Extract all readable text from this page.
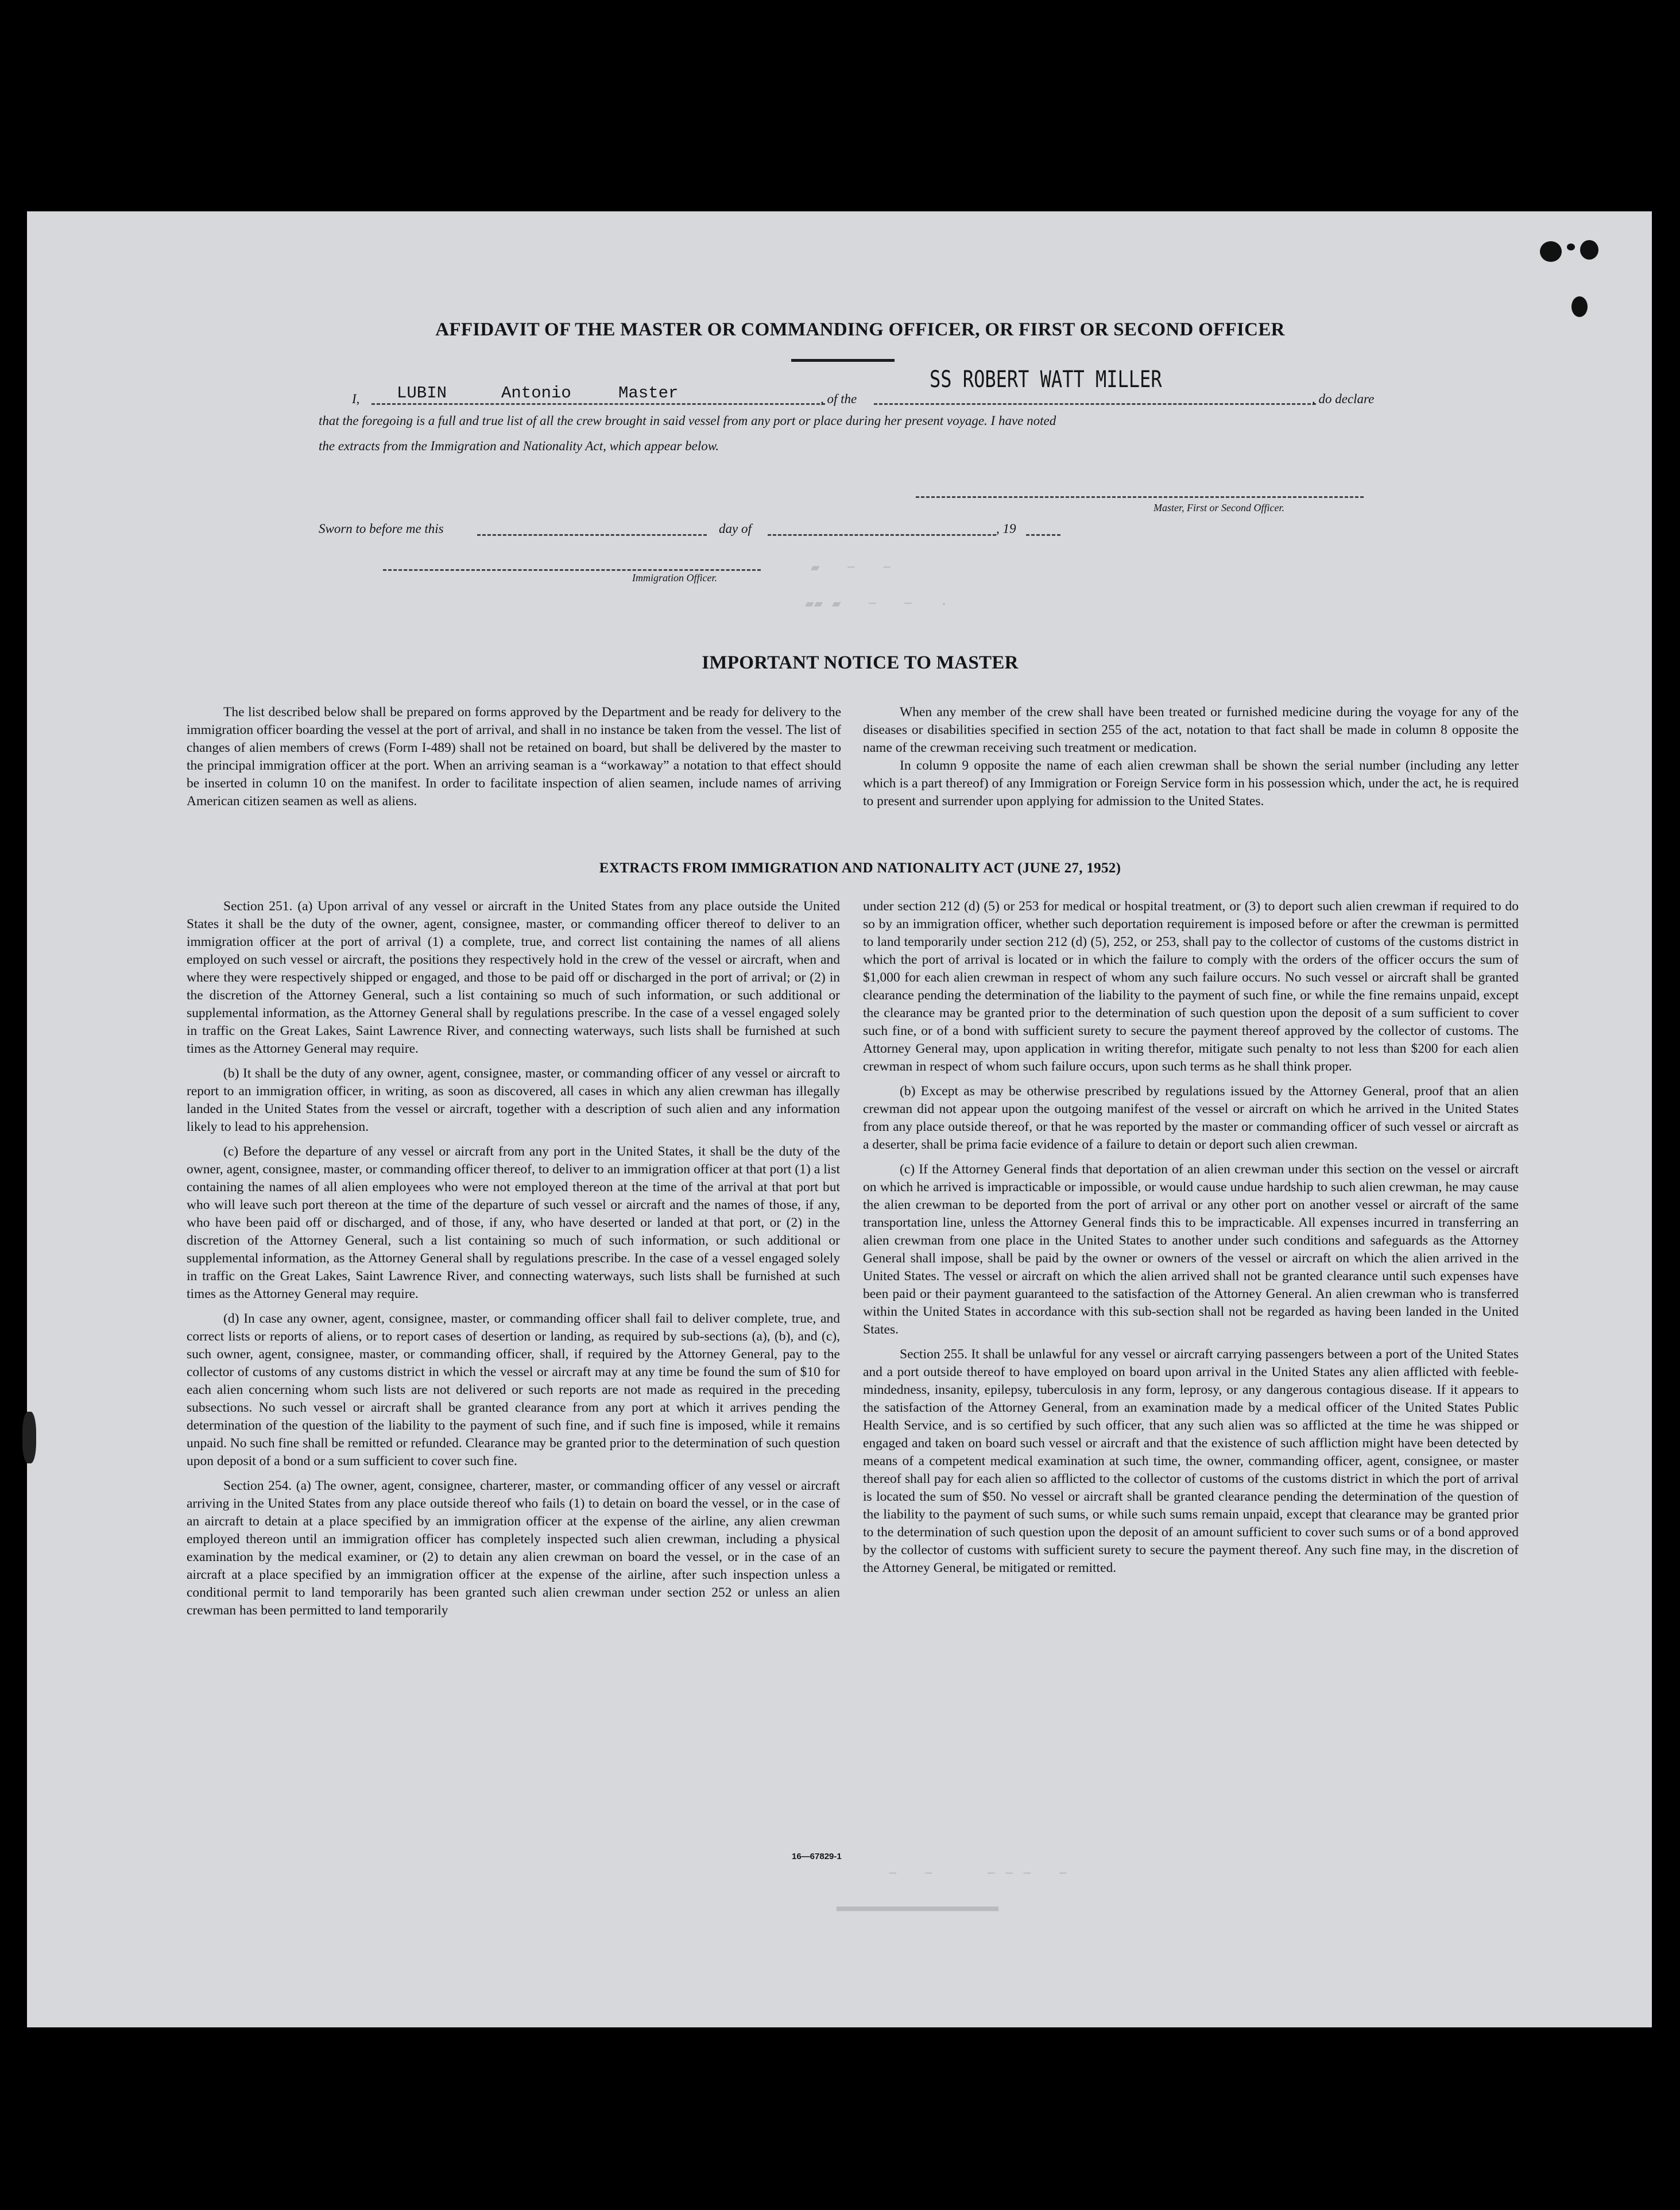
AFFIDAVIT OF THE MASTER OR COMMANDING OFFICER, OR FIRST OR SECOND OFFICER
I, LUBIN	Antonio	Master	, of the
SS ROBERT WATT MILLER
, do declare
that the foregoing is a full and true list of all the crew brought in said vessel from any port or place during her present voyage. I have noted
the extracts from the Immigration and Nationality Act, which appear below.
Master, First or Second Officer.
Sworn to before me this	day of	, 19
Immigration Officer.
▰   −   −
▰▰ ▰   −   −   ·
IMPORTANT NOTICE TO MASTER

The list described below shall be prepared on forms approved by the Department and be ready for delivery to the immigration officer boarding the vessel at the port of arrival, and shall in no instance be taken from the vessel. The list of changes of alien members of crews (Form I-489) shall not be retained on board, but shall be delivered by the master to the principal immigration officer at the port. When an arriving seaman is a “workaway” a notation to that effect should be inserted in column 10 on the manifest. In order to facilitate inspection of alien seamen, include names of arriving American citizen seamen as well as aliens.

When any member of the crew shall have been treated or furnished medicine during the voyage for any of the diseases or disabilities specified in section 255 of the act, notation to that fact shall be made in column 8 opposite the name of the crewman receiving such treatment or medication.

In column 9 opposite the name of each alien crewman shall be shown the serial number (including any letter which is a part thereof) of any Immigration or Foreign Service form in his possession which, under the act, he is required to present and surrender upon applying for admission to the United States.

EXTRACTS FROM IMMIGRATION AND NATIONALITY ACT (JUNE 27, 1952)

Section 251. (a) Upon arrival of any vessel or aircraft in the United States from any place outside the United States it shall be the duty of the owner, agent, consignee, master, or commanding officer thereof to deliver to an immigration officer at the port of arrival (1) a complete, true, and correct list containing the names of all aliens employed on such vessel or aircraft, the positions they respectively hold in the crew of the vessel or aircraft, when and where they were respectively shipped or engaged, and those to be paid off or discharged in the port of arrival; or (2) in the discretion of the Attorney General, such a list containing so much of such information, or such additional or supplemental information, as the Attorney General shall by regulations prescribe. In the case of a vessel engaged solely in traffic on the Great Lakes, Saint Lawrence River, and connecting waterways, such lists shall be furnished at such times as the Attorney General may require.

(b) It shall be the duty of any owner, agent, consignee, master, or commanding officer of any vessel or aircraft to report to an immigration officer, in writing, as soon as discovered, all cases in which any alien crewman has illegally landed in the United States from the vessel or aircraft, together with a description of such alien and any information likely to lead to his apprehension.

(c) Before the departure of any vessel or aircraft from any port in the United States, it shall be the duty of the owner, agent, consignee, master, or commanding officer thereof, to deliver to an immigration officer at that port (1) a list containing the names of all alien employees who were not employed thereon at the time of the arrival at that port but who will leave such port thereon at the time of the departure of such vessel or aircraft and the names of those, if any, who have been paid off or discharged, and of those, if any, who have deserted or landed at that port, or (2) in the discretion of the Attorney General, such a list containing so much of such information, or such additional or supplemental information, as the Attorney General shall by regulations prescribe. In the case of a vessel engaged solely in traffic on the Great Lakes, Saint Lawrence River, and connecting waterways, such lists shall be furnished at such times as the Attorney General may require.

(d) In case any owner, agent, consignee, master, or commanding officer shall fail to deliver complete, true, and correct lists or reports of aliens, or to report cases of desertion or landing, as required by sub-sections (a), (b), and (c), such owner, agent, consignee, master, or commanding officer, shall, if required by the Attorney General, pay to the collector of customs of any customs district in which the vessel or aircraft may at any time be found the sum of $10 for each alien concerning whom such lists are not delivered or such reports are not made as required in the preceding subsections. No such vessel or aircraft shall be granted clearance from any port at which it arrives pending the determination of the question of the liability to the payment of such fine, and if such fine is imposed, while it remains unpaid. No such fine shall be remitted or refunded. Clearance may be granted prior to the determination of such question upon deposit of a bond or a sum sufficient to cover such fine.

Section 254. (a) The owner, agent, consignee, charterer, master, or commanding officer of any vessel or aircraft arriving in the United States from any place outside thereof who fails (1) to detain on board the vessel, or in the case of an aircraft to detain at a place specified by an immigration officer at the expense of the airline, any alien crewman employed thereon until an immigration officer has completely inspected such alien crewman, including a physical examination by the medical examiner, or (2) to detain any alien crewman on board the vessel, or in the case of an aircraft at a place specified by an immigration officer at the expense of the airline, after such inspection unless a conditional permit to land temporarily has been granted such alien crewman under section 252 or unless an alien crewman has been permitted to land temporarily

under section 212 (d) (5) or 253 for medical or hospital treatment, or (3) to deport such alien crewman if required to do so by an immigration officer, whether such deportation requirement is imposed before or after the crewman is permitted to land temporarily under section 212 (d) (5), 252, or 253, shall pay to the collector of customs of the customs district in which the port of arrival is located or in which the failure to comply with the orders of the officer occurs the sum of $1,000 for each alien crewman in respect of whom any such failure occurs. No such vessel or aircraft shall be granted clearance pending the determination of the liability to the payment of such fine, or while the fine remains unpaid, except the clearance may be granted prior to the determination of such question upon the deposit of a sum sufficient to cover such fine, or of a bond with sufficient surety to secure the payment thereof approved by the collector of customs. The Attorney General may, upon application in writing therefor, mitigate such penalty to not less than $200 for each alien crewman in respect of whom such failure occurs, upon such terms as he shall think proper.

(b) Except as may be otherwise prescribed by regulations issued by the Attorney General, proof that an alien crewman did not appear upon the outgoing manifest of the vessel or aircraft on which he arrived in the United States from any place outside thereof, or that he was reported by the master or commanding officer of such vessel or aircraft as a deserter, shall be prima facie evidence of a failure to detain or deport such alien crewman.

(c) If the Attorney General finds that deportation of an alien crewman under this section on the vessel or aircraft on which he arrived is impracticable or impossible, or would cause undue hardship to such alien crewman, he may cause the alien crewman to be deported from the port of arrival or any other port on another vessel or aircraft of the same transportation line, unless the Attorney General finds this to be impracticable. All expenses incurred in transferring an alien crewman from one place in the United States to another under such conditions and safeguards as the Attorney General shall impose, shall be paid by the owner or owners of the vessel or aircraft on which the alien arrived in the United States. The vessel or aircraft on which the alien arrived shall not be granted clearance until such expenses have been paid or their payment guaranteed to the satisfaction of the Attorney General. An alien crewman who is transferred within the United States in accordance with this sub-section shall not be regarded as having been landed in the United States.

Section 255. It shall be unlawful for any vessel or aircraft carrying passengers between a port of the United States and a port outside thereof to have employed on board upon arrival in the United States any alien afflicted with feeble-mindedness, insanity, epilepsy, tuberculosis in any form, leprosy, or any dangerous contagious disease. If it appears to the satisfaction of the Attorney General, from an examination made by a medical officer of the United States Public Health Service, and is so certified by such officer, that any such alien was so afflicted at the time he was shipped or engaged and taken on board such vessel or aircraft and that the existence of such affliction might have been detected by means of a competent medical examination at such time, the owner, commanding officer, agent, consignee, or master thereof shall pay for each alien so afflicted to the collector of customs of the customs district in which the port of arrival is located the sum of $50. No vessel or aircraft shall be granted clearance pending the determination of the question of the liability to the payment of such sums, or while such sums remain unpaid, except that clearance may be granted prior to the determination of such question upon the deposit of an amount sufficient to cover such sums or of a bond approved by the collector of customs with sufficient surety to secure the payment thereof. Any such fine may, in the discretion of the Attorney General, be mitigated or remitted.

16—67829-1
−   −      − − −   −
▂▂▂▂▂▂▂▂▂▂▂▂▂▂▂▂▂▂
